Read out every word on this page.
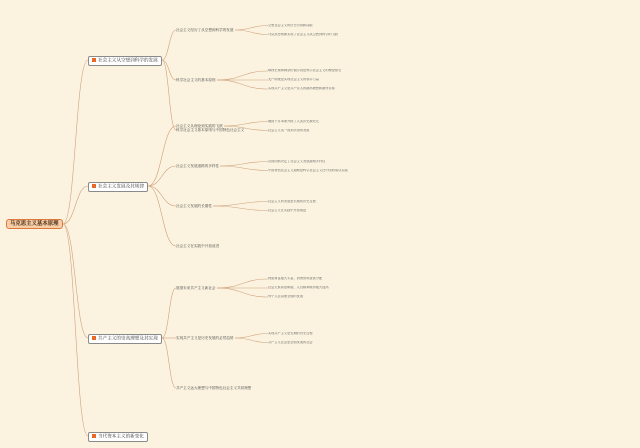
马克思主义基本原理
社会主义从空想到科学的发展
社会主义经历了从空想到科学的发展
空想社会主义的历史功绩和局限
马克思恩格斯实现了社会主义从空想到科学的飞跃
科学社会主义的基本原则
唯物史观和剩余价值学说是科学社会主义的理论基石
无产阶级是实现社会主义的领导力量
实现共产主义是共产党人的最高理想和最终目标
科学社会主义基本原则与中国特色社会主义
社会主义发展及其规律
社会主义从理论到实践的飞跃
俄国十月革命开辟了人类历史新纪元
社会主义从一国到多国的发展
社会主义发展道路的多样性
各国国情决定了社会主义发展道路多样性
中国特色社会主义道路是科学社会主义在中国的成功实践
社会主义发展的长期性
社会主义的发展是长期的历史过程
社会主义在实践中开拓前进
社会主义在实践中开拓前进
共产主义的崇高理想及其实现
展望未来共产主义新社会
物质财富极大丰富，消费资料按需分配
社会关系高度和谐，人们精神境界极大提高
每个人自由而全面的发展
实现共产主义是历史发展的必然趋势
实现共产主义是长期的历史过程
共产主义社会是全面发展的社会
共产主义远大理想与中国特色社会主义共同理想
当代资本主义的新变化
